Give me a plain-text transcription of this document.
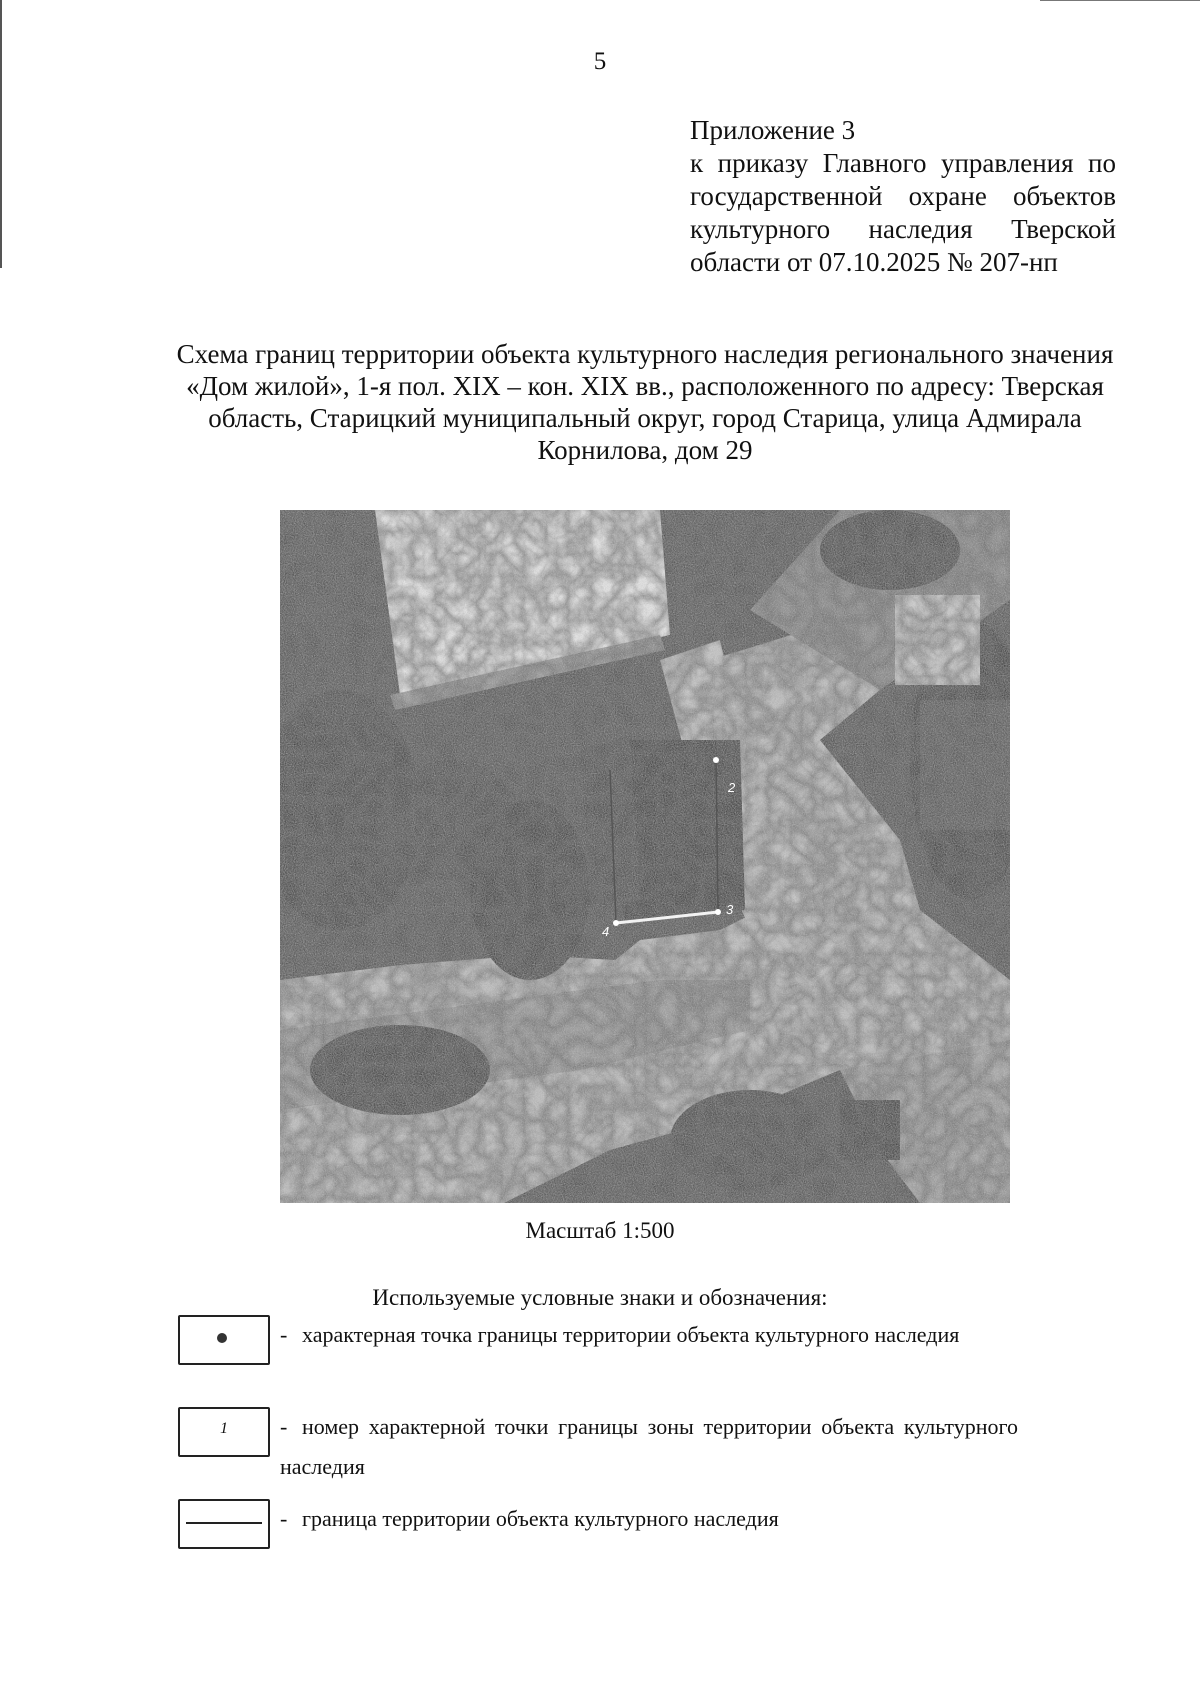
5
Приложение 3
к приказу Главного управления по государственной охране объектов культурного наследия Тверской области от 07.10.2025 № 207-нп
Схема границ территории объекта культурного наследия регионального значения «Дом жилой», 1-я пол. XIX – кон. XIX вв., расположенного по адресу: Тверская область, Старицкий муниципальный округ, город Старица, улица Адмирала Корнилова, дом 29
2
3
4
Масштаб 1:500
Используемые условные знаки и обозначения:
- характерная точка границы территории объекта культурного наследия
1	- номер характерной точки границы зоны территории объекта культурного наследия
- граница территории объекта культурного наследия
